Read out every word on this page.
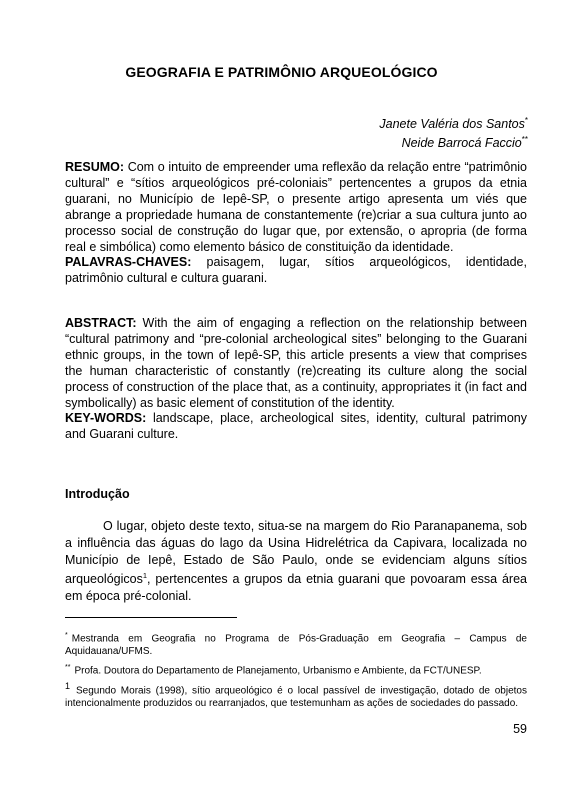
GEOGRAFIA E PATRIMÔNIO ARQUEOLÓGICO
Janete Valéria dos Santos*
Neide Barrocá Faccio**

RESUMO: Com o intuito de empreender uma reflexão da relação entre “patrimônio cultural” e “sítios arqueológicos pré-coloniais” pertencentes a grupos da etnia guarani, no Município de Iepê-SP, o presente artigo apresenta um viés que abrange a propriedade humana de constantemente (re)criar a sua cultura junto ao processo social de construção do lugar que, por extensão, o apropria (de forma real e simbólica) como elemento básico de constituição da identidade.

PALAVRAS-CHAVES: paisagem, lugar, sítios arqueológicos, identidade, patrimônio cultural e cultura guarani.

ABSTRACT: With the aim of engaging a reflection on the relationship between “cultural patrimony and “pre-colonial archeological sites” belonging to the Guarani ethnic groups, in the town of Iepê-SP, this article presents a view that comprises the human characteristic of constantly (re)creating its culture along the social process of construction of the place that, as a continuity, appropriates it (in fact and symbolically) as basic element of constitution of the identity.

KEY-WORDS: landscape, place, archeological sites, identity, cultural patrimony and Guarani culture.

Introdução

O lugar, objeto deste texto, situa-se na margem do Rio Paranapanema, sob a influência das águas do lago da Usina Hidrelétrica da Capivara, localizada no Município de Iepê, Estado de São Paulo, onde se evidenciam alguns sítios arqueológicos$^1$, pertencentes a grupos da etnia guarani que povoaram essa área em época pré-colonial.

* Mestranda em Geografia no Programa de Pós-Graduação em Geografia – Campus de Aquidauana/UFMS.

** Profa. Doutora do Departamento de Planejamento, Urbanismo e Ambiente, da FCT/UNESP.

1 Segundo Morais (1998), sítio arqueológico é o local passível de investigação, dotado de objetos intencionalmente produzidos ou rearranjados, que testemunham as ações de sociedades do passado.

59
